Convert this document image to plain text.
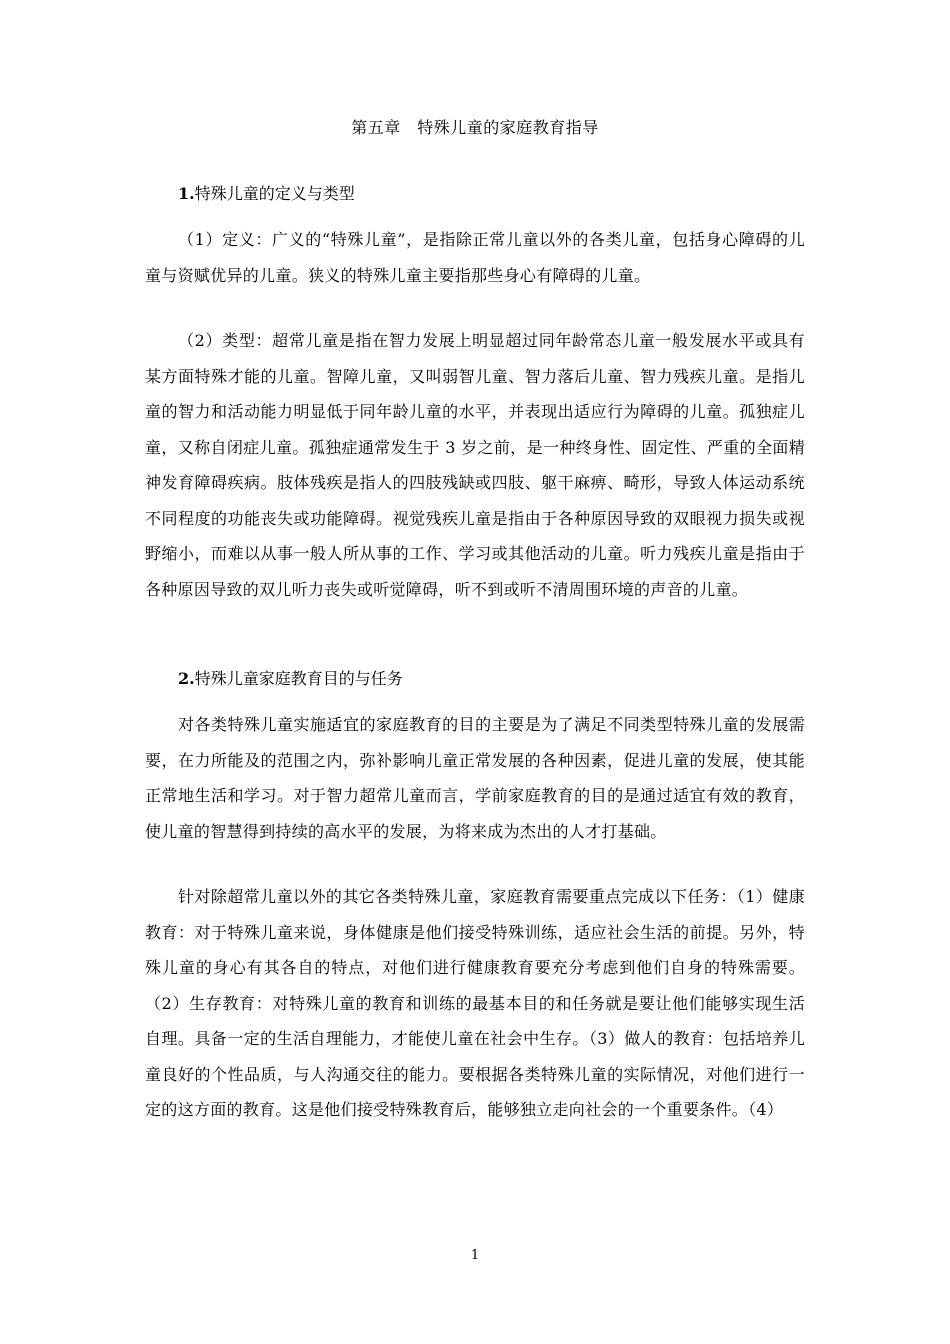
第五章　特殊儿童的家庭教育指导
1.特殊儿童的定义与类型

（1）定义：广义的“特殊儿童”，是指除正常儿童以外的各类儿童，包括身心障碍的儿童与资赋优异的儿童。狭义的特殊儿童主要指那些身心有障碍的儿童。

（2）类型：超常儿童是指在智力发展上明显超过同年龄常态儿童一般发展水平或具有某方面特殊才能的儿童。智障儿童，又叫弱智儿童、智力落后儿童、智力残疾儿童。是指儿童的智力和活动能力明显低于同年龄儿童的水平，并表现出适应行为障碍的儿童。孤独症儿童，又称自闭症儿童。孤独症通常发生于 3 岁之前，是一种终身性、固定性、严重的全面精神发育障碍疾病。肢体残疾是指人的四肢残缺或四肢、躯干麻痹、畸形，导致人体运动系统不同程度的功能丧失或功能障碍。视觉残疾儿童是指由于各种原因导致的双眼视力损失或视野缩小，而难以从事一般人所从事的工作、学习或其他活动的儿童。听力残疾儿童是指由于各种原因导致的双儿听力丧失或听觉障碍，听不到或听不清周围环境的声音的儿童。

2.特殊儿童家庭教育目的与任务

对各类特殊儿童实施适宜的家庭教育的目的主要是为了满足不同类型特殊儿童的发展需要，在力所能及的范围之内，弥补影响儿童正常发展的各种因素，促进儿童的发展，使其能正常地生活和学习。对于智力超常儿童而言，学前家庭教育的目的是通过适宜有效的教育，使儿童的智慧得到持续的高水平的发展，为将来成为杰出的人才打基础。

针对除超常儿童以外的其它各类特殊儿童，家庭教育需要重点完成以下任务：（1）健康教育：对于特殊儿童来说，身体健康是他们接受特殊训练，适应社会生活的前提。另外，特殊儿童的身心有其各自的特点，对他们进行健康教育要充分考虑到他们自身的特殊需要。（2）生存教育：对特殊儿童的教育和训练的最基本目的和任务就是要让他们能够实现生活自理。具备一定的生活自理能力，才能使儿童在社会中生存。（3）做人的教育：包括培养儿童良好的个性品质，与人沟通交往的能力。要根据各类特殊儿童的实际情况，对他们进行一定的这方面的教育。这是他们接受特殊教育后，能够独立走向社会的一个重要条件。（4）

1
